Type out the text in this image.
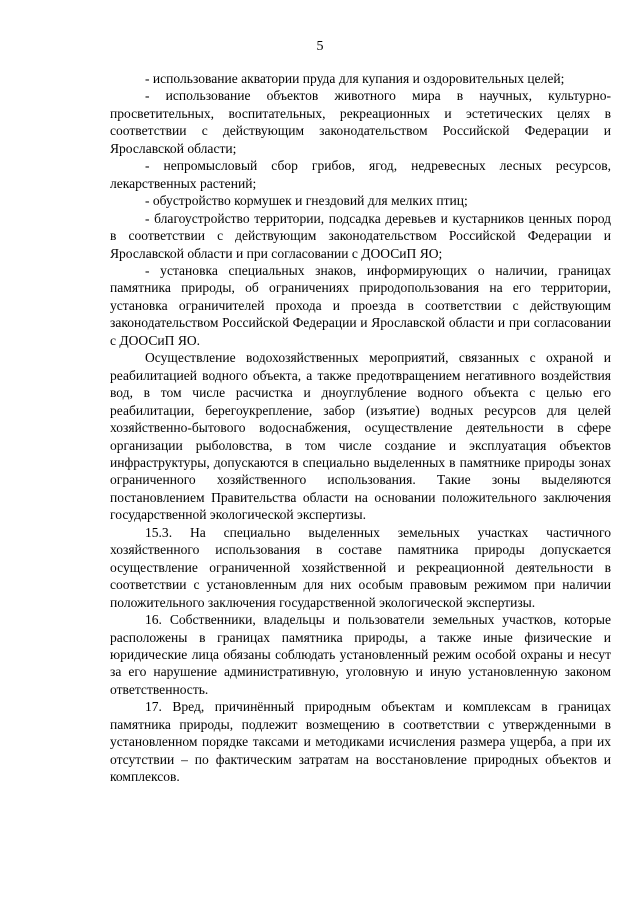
5

- использование акватории пруда для купания и оздоровительных целей;

- использование объектов животного мира в научных, культурно-просветительных, воспитательных, рекреационных и эстетических целях в соответствии с действующим законодательством Российской Федерации и Ярославской области;

- непромысловый сбор грибов, ягод, недревесных лесных ресурсов, лекарственных растений;

- обустройство кормушек и гнездовий для мелких птиц;

- благоустройство территории, подсадка деревьев и кустарников ценных пород в соответствии с действующим законодательством Российской Федерации и Ярославской области и при согласовании с ДООСиП ЯО;

- установка специальных знаков, информирующих о наличии, границах памятника природы, об ограничениях природопользования на его территории, установка ограничителей прохода и проезда в соответствии с действующим законодательством Российской Федерации и Ярославской области и при согласовании с ДООСиП ЯО.

Осуществление водохозяйственных мероприятий, связанных с охраной и реабилитацией водного объекта, а также предотвращением негативного воздействия вод, в том числе расчистка и дноуглубление водного объекта с целью его реабилитации, берегоукрепление, забор (изъятие) водных ресурсов для целей хозяйственно-бытового водоснабжения, осуществление деятельности в сфере организации рыболовства, в том числе создание и эксплуатация объектов инфраструктуры, допускаются в специально выделенных в памятнике природы зонах ограниченного хозяйственного использования. Такие зоны выделяются постановлением Правительства области на основании положительного заключения государственной экологической экспертизы.

15.3. На специально выделенных земельных участках частичного хозяйственного использования в составе памятника природы допускается осуществление ограниченной хозяйственной и рекреационной деятельности в соответствии с установленным для них особым правовым режимом при наличии положительного заключения государственной экологической экспертизы.

16. Собственники, владельцы и пользователи земельных участков, которые расположены в границах памятника природы, а также иные физические и юридические лица обязаны соблюдать установленный режим особой охраны и несут за его нарушение административную, уголовную и иную установленную законом ответственность.

17. Вред, причинённый природным объектам и комплексам в границах памятника природы, подлежит возмещению в соответствии с утвержденными в установленном порядке таксами и методиками исчисления размера ущерба, а при их отсутствии – по фактическим затратам на восстановление природных объектов и комплексов.
